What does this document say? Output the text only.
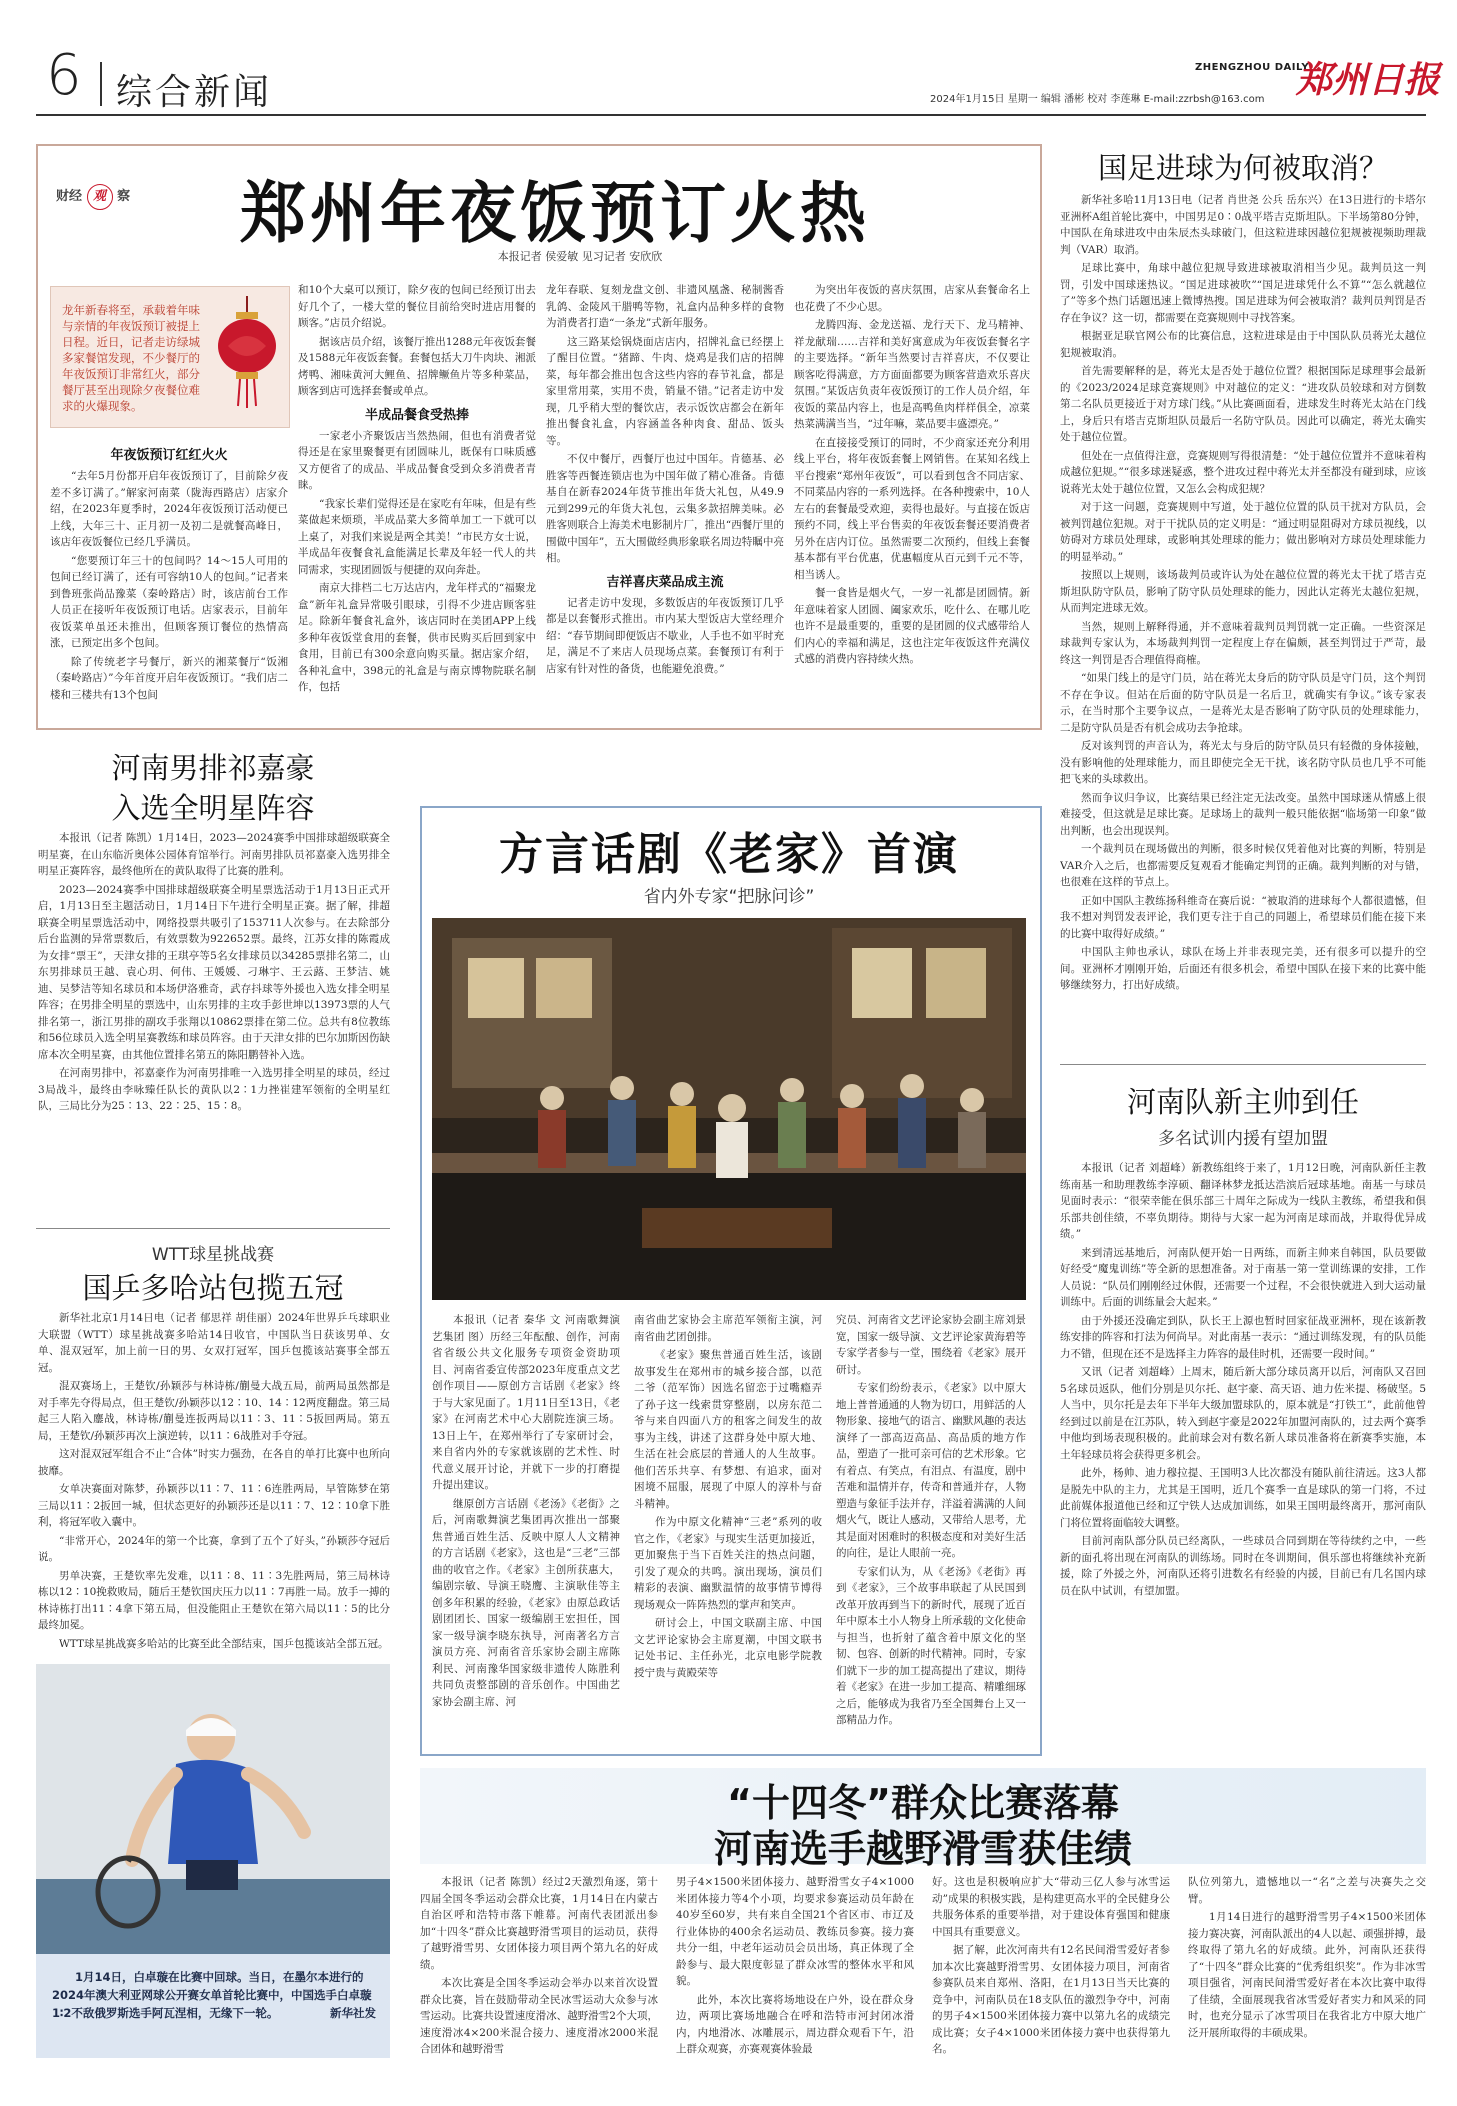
6 综合新闻
ZHENGZHOU DAILY
郑州日报
2024年1月15日 星期一 编辑 潘彬 校对 李莲琳 E-mail:zzrbsh@163.com
财经 观 察 郑州年夜饭预订火热
本报记者 侯爱敏 见习记者 安欣欣
龙年新春将至，承载着年味与亲情的年夜饭预订被提上日程。近日，记者走访绿城多家餐馆发现，不少餐厅的年夜饭预订非常红火，部分餐厅甚至出现除夕夜餐位难求的火爆现象。
年夜饭预订红红火火

“去年5月份都开启年夜饭预订了，目前除夕夜差不多订满了。”解家河南菜（陇海西路店）店家介绍，在2023年夏季时，2024年夜饭预订活动便已上线，大年三十、正月初一及初二是就餐高峰日，该店年夜饭餐位已经几乎满员。

“您要预订年三十的包间吗？14～15人可用的包间已经订满了，还有可容纳10人的包间。”记者来到鲁班张尚品豫菜（秦岭路店）时，该店前台工作人员正在接听年夜饭预订电话。店家表示，目前年夜饭菜单虽还未推出，但顾客预订餐位的热情高涨，已预定出多个包间。

除了传统老字号餐厅，新兴的湘菜餐厅“饭湘（秦岭路店）”今年首度开启年夜饭预订。“我们店二楼和三楼共有13个包间

和10个大桌可以预订，除夕夜的包间已经预订出去好几个了，一楼大堂的餐位目前给突时进店用餐的顾客。”店员介绍说。

据该店员介绍，该餐厅推出1288元年夜饭套餐及1588元年夜饭套餐。套餐包括大刀牛肉块、湘派烤鸭、湘味黄河大鲤鱼、招牌鳜鱼片等多种菜品，顾客到店可选择套餐或单点。

半成品餐食受热捧

一家老小齐聚饭店当然热闹，但也有消费者觉得还是在家里聚餐更有团圆味儿，既保有口味质感又方便省了的成品、半成品餐食受到众多消费者青睐。

“我家长辈们觉得还是在家吃有年味，但是有些菜做起来烦琐，半成品菜大多简单加工一下就可以上桌了，对我们来说是两全其美！”市民方女士说，半成品年夜餐食礼盒能满足长辈及年轻一代人的共同需求，实现团圆饭与便捷的双向奔赴。

南京大排档二七万达店内，龙年样式的“福聚龙盒”新年礼盒异常吸引眼球，引得不少进店顾客驻足。除新年餐食礼盒外，该店同时在美团APP上线多种年夜饭堂食用的套餐，供市民购买后回到家中食用，目前已有300余意向购买量。据店家介绍，各种礼盒中，398元的礼盒是与南京博物院联名制作，包括

龙年春联、复刻龙盘文创、非遗风凰盏、秘制酱香乳鸽、金陵风干腊鸭等物，礼盒内品种多样的食物为消费者打造“一条龙”式新年服务。

这三路某烩锅烧面店店内，招牌礼盒已经摆上了醒目位置。“猪蹄、牛肉、烧鸡是我们店的招牌菜，每年都会推出包含这些内容的春节礼盒，都是家里常用菜，实用不贵，销量不错。”记者走访中发现，几乎稍大型的餐饮店，表示饭饮店都会在新年推出餐食礼盒，内容涵盖各种肉食、甜品、饭头等。

不仅中餐厅，西餐厅也过中国年。肯德基、必胜客等西餐连锁店也为中国年做了精心准备。肯德基自在新春2024年货节推出年货大礼包，从49.9元到299元的年货大礼包，云集多款招牌美味。必胜客则联合上海美术电影制片厂，推出“西餐厅里的围做中国年”，五大围做经典形象联名周边特瞩中亮相。

吉祥喜庆菜品成主流

记者走访中发现，多数饭店的年夜饭预订几乎都是以套餐形式推出。市内某大型饭店大堂经理介绍：“春节期间即便饭店不歇业，人手也不如平时充足，满足不了来店人员现场点菜。套餐预订有利于店家有针对性的备货，也能避免浪费。”

为突出年夜饭的喜庆氛围，店家从套餐命名上也花费了不少心思。

龙腾四海、金龙送福、龙行天下、龙马精神、祥龙献瑞……吉祥和美好寓意成为年夜饭套餐名字的主要选择。“新年当然要讨吉祥喜庆，不仅要让顾客吃得满意，方方面面都要为顾客营造欢乐喜庆氛围。”某饭店负责年夜饭预订的工作人员介绍，年夜饭的菜品内容上，也是高鸭鱼肉样样俱全，凉菜热菜满满当当，“过年嘛，菜品要丰盛漂亮。”

在直接接受预订的同时，不少商家还充分利用线上平台，将年夜饭套餐上网销售。在某知名线上平台搜索“郑州年夜饭”，可以看到包含不同店家、不同菜品内容的一系列选择。在各种搜索中，10人左右的套餐最受欢迎，卖得也最好。与直接在饭店预约不同，线上平台售卖的年夜饭套餐还要消费者另外在店内订位。虽然需要二次预约，但线上套餐基本都有平台优惠，优惠幅度从百元到千元不等，相当诱人。

餐一食皆是烟火气，一岁一礼都是团圆情。新年意味着家人团圆、阖家欢乐，吃什么、在哪儿吃也许不是最重要的，重要的是团圆的仪式感带给人们内心的幸福和满足，这也注定年夜饭这件充满仪式感的消费内容持续火热。

国足进球为何被取消？

新华社多哈11月13日电（记者 肖世尧 公兵 岳东兴）在13日进行的卡塔尔亚洲杯A组首轮比赛中，中国男足0∶0战平塔吉克斯坦队。下半场第80分钟，中国队在角球进攻中由朱辰杰头球破门，但这粒进球因越位犯规被视频助理裁判（VAR）取消。

足球比赛中，角球中越位犯规导致进球被取消相当少见。裁判员这一判罚，引发中国球迷热议。“国足进球被吹”“国足进球凭什么不算”“怎么就越位了”等多个热门话题迅速上微博热搜。国足进球为何会被取消？裁判员判罚是否存在争议？这一切，都需要在竞赛规则中寻找答案。

根据亚足联官网公布的比赛信息，这粒进球是由于中国队队员蒋光太越位犯规被取消。

首先需要解释的是，蒋光太是否处于越位位置？根据国际足球理事会最新的《2023/2024足球竞赛规则》中对越位的定义：“进攻队员较球和对方倒数第二名队员更接近于对方球门线。”从比赛画面看，进球发生时蒋光太站在门线上，身后只有塔吉克斯坦队员最后一名防守队员。因此可以确定，蒋光太确实处于越位位置。

但处在一点值得注意，竞赛规则写得很清楚：“处于越位位置并不意味着构成越位犯规。”“很多球迷疑惑，整个进攻过程中蒋光太并至都没有碰到球，应该说蒋光太处于越位位置，又怎么会构成犯规？

对于这一问题，竞赛规则中写道，处于越位位置的队员干扰对方队员，会被判罚越位犯规。对于干扰队员的定义明是：“通过明显阻碍对方球员视线，以妨碍对方球员处理球，或影响其处理球的能力；做出影响对方球员处理球能力的明显举动。”

按照以上规则，该场裁判员或许认为处在越位位置的蒋光太干扰了塔吉克斯坦队防守队员，影响了防守队员处理球的能力，因此认定蒋光太越位犯规，从而判定进球无效。

当然，规则上解释得通，并不意味着裁判员判罚就一定正确。一些资深足球裁判专家认为，本场裁判判罚一定程度上存在偏颇，甚至判罚过于严苛，最终这一判罚是否合理值得商榷。

“如果门线上的是守门员，站在蒋光太身后的防守队员是守门员，这个判罚不存在争议。但站在后面的防守队员是一名后卫，就确实有争议。”该专家表示，在当时那个主要争议点，一是蒋光太是否影响了防守队员的处理球能力，二是防守队员是否有机会成功去争抢球。

反对该判罚的声音认为，蒋光太与身后的防守队员只有轻微的身体接触，没有影响他的处理球能力，而且即使完全无干扰，该名防守队员也几乎不可能把飞来的头球救出。

然而争议归争议，比赛结果已经注定无法改变。虽然中国球迷从情感上很难接受，但这就是足球比赛。足球场上的裁判一般只能依据“临场第一印象”做出判断，也会出现误判。

一个裁判员在现场做出的判断，很多时候仅凭着他对比赛的判断，特别是VAR介入之后，也都需要反复观看才能确定判罚的正确。裁判判断的对与错，也很难在这样的节点上。

正如中国队主教练扬科维奇在赛后说：“被取消的进球每个人都很遗憾，但我不想对判罚发表评论，我们更专注于自己的同题上，希望球员们能在接下来的比赛中取得好成绩。”

中国队主帅也承认，球队在场上并非表现完美，还有很多可以提升的空间。亚洲杯才刚刚开始，后面还有很多机会，希望中国队在接下来的比赛中能够继续努力，打出好成绩。

河南队新主帅到任
多名试训内援有望加盟

本报讯（记者 刘超峰）新教练组终于来了，1月12日晚，河南队新任主教练南基一和助理教练李淳硕、翻译林梦龙抵达浩滨后冠球基地。南基一与球员见面时表示：“很荣幸能在俱乐部三十周年之际成为一线队主教练，希望我和俱乐部共创佳绩，不辜负期待。期待与大家一起为河南足球而战，并取得优异成绩。”

来到清远基地后，河南队便开始一日两练，而新主帅来自韩国，队员要做好经受“魔鬼训练”等全新的思想准备。对于南基一第一堂训练课的安排，工作人员说：“队员们刚刚经过休假，还需要一个过程，不会很快就进入到大运动量训练中。后面的训练量会大起来。”

由于外援还没确定到队，队长王上源也暂时回家征战亚洲杯，现在该新教练安排的阵容和打法为何尚早。对此南基一表示：“通过训练发现，有的队员能力不错，但现在还不是选择主力阵容的最佳时机，还需要一段时间。”

又讯（记者 刘超峰）上周末，随后新大部分球员离开以后，河南队又召回5名球员返队，他们分别是贝尔托、赵宇豪、高天语、迪力佐米提、杨破坚。5人当中，贝尔托是去年下半年大级加盟球队的，原本就是“打铁工”，此前他曾经到过以前是在江苏队，转入到赵宇豪是2022年加盟河南队的，过去两个赛季中他均到场表现积极的。此前球会对有数名新人球员准备将在新赛季实施，本土年轻球员将会获得更多机会。

此外，杨帅、迪力穆拉提、王国明3人比次都没有随队前往清远。这3人都是脱先中队的主力，尤其是王国明，近几个赛季一直是球队的第一门将，不过此前媒体报道他已经和辽宁铁人达成加训练，如果王国明最终离开，那河南队门将位置将面临较大调整。

目前河南队部分队员已经离队，一些球员合同到期在等待续约之中，一些新的面孔将出现在河南队的训练场。同时在冬训期间，俱乐部也将继续补充新援，除了外援之外，河南队还将引进数名有经验的内援，目前已有几名国内球员在队中试训，有望加盟。

河南男排祁嘉豪
入选全明星阵容

本报讯（记者 陈凯）1月14日，2023—2024赛季中国排球超级联赛全明星赛，在山东临沂奥体公园体育馆举行。河南男排队员祁嘉豪入选男排全明星正赛阵容，最终他所在的黄队取得了比赛的胜利。

2023—2024赛季中国排球超级联赛全明星票选活动于1月13日正式开启，1月13日至主题活动日，1月14日下午进行全明星正赛。据了解，排超联赛全明星票选活动中，网络投票共吸引了153711人次参与。在去除部分后台监测的异常票数后，有效票数为922652票。最终，江苏女排的陈霞成为女排“票王”，天津女排的王琪亭等5名女排球员以34285票排名第二，山东男排球员王越、袁心玥、何伟、王媛媛、刁琳宇、王云蕗、王梦洁、姚迪、吴梦洁等知名球员和本场伊洛雅奇，武存抖球等外援也入选女排全明星阵容；在男排全明星的票选中，山东男排的主攻手彭世坤以13973票的人气排名第一，浙江男排的副攻手张翔以10862票排在第二位。总共有8位教练和56位球员入选全明星赛教练和球员阵容。由于天津女排的巴尔加斯因伤缺席本次全明星赛，由其他位置排名第五的陈阳鹏替补入选。

在河南男排中，祁嘉豪作为河南男排唯一入选男排全明星的球员，经过3局战斗，最终由李咏臻任队长的黄队以2∶1力挫崔建军领衔的全明星红队，三局比分为25∶13、22∶25、15∶8。

WTT球星挑战赛
国乒多哈站包揽五冠

新华社北京1月14日电（记者 郁思祥 胡佳丽）2024年世界乒乓球职业大联盟（WTT）球星挑战赛多哈站14日收官，中国队当日获该男单、女单、混双冠军，加上前一日的男、女双打冠军，国乒包揽该站赛事全部五冠。

混双赛场上，王楚钦/孙颖莎与林诗栋/蒯曼大战五局，前两局虽然都是对手率先夺得局点，但王楚钦/孙颖莎以12∶10、14∶12两度翻盘。第三局起三人陷入鏖战，林诗栋/蒯曼连扳两局以11∶3、11∶5扳回两局。第五局，王楚钦/孙颖莎再次上演逆转，以11∶6战胜对手夺冠。

这对混双冠军组合不止“合体”时实力强劲，在各自的单打比赛中也所向披靡。

女单决赛面对陈梦，孙颖莎以11∶7、11∶6连胜两局，早管陈梦在第三局以11∶2扳回一城，但状态更好的孙颖莎还是以11∶7、12∶10拿下胜利，将冠军收入囊中。

“非常开心，2024年的第一个比赛，拿到了五个了好头，”孙颖莎夺冠后说。

男单决赛，王楚钦率先发难，以11∶8、11∶3先胜两局，第三局林诗栋以12∶10挽救败局，随后王楚钦国庆压力以11∶7再胜一局。放手一搏的林诗栋打出11∶4拿下第五局，但没能阻止王楚钦在第六局以11∶5的比分最终加冕。

WTT球星挑战赛多哈站的比赛至此全部结束，国乒包揽该站全部五冠。

1月14日，白卓璇在比赛中回球。当日，在墨尔本进行的2024年澳大利亚网球公开赛女单首轮比赛中，中国选手白卓璇1∶2不敌俄罗斯选手阿瓦涅相，无缘下一轮。	新华社发
方言话剧《老家》首演
省内外专家“把脉问诊”

本报讯（记者 秦华 文 河南歌舞演艺集团 图）历经三年酝酿、创作，河南省省级公共文化服务专项资金资助项目、河南省委宣传部2023年度重点文艺创作项目——原创方言话剧《老家》终于与大家见面了。1月11日至13日，《老家》在河南艺术中心大剧院连演三场。13日上午，在郑州举行了专家研讨会，来自省内外的专家就该剧的艺术性、时代意义展开讨论，并就下一步的打磨提升提出建议。

继原创方言话剧《老汤》《老街》之后，河南歌舞演艺集团再次推出一部聚焦普通百姓生活、反映中原人人文精神的方言话剧《老家》，这也是“三老”三部曲的收官之作。《老家》主创所获惠大，编剧宗敏、导演王晓鹰、主演耿佳等主创多年积累的经验，《老家》由原总政话剧团团长、国家一级编剧王宏担任，国家一级导演李晓东执导，河南著名方言演员方亮、河南省音乐家协会副主席陈利民、河南豫华国家级非遗传人陈胜利共同负责整部剧的音乐创作。中国曲艺家协会副主席、河

南省曲艺家协会主席范军领衔主演，河南省曲艺团创排。

《老家》聚焦普通百姓生活，该剧故事发生在郑州市的城乡接合部，以范二爷（范军饰）因选名留恋于过嘴瘾弄了孙子这一线索贯穿整剧，以房东范二爷与来自四面八方的租客之间发生的故事为主线，讲述了这群身处中原大地、生活在社会底层的普通人的人生故事。他们苦乐共享、有梦想、有追求，面对困境不屈服，展现了中原人的淳朴与奋斗精神。

作为中原文化精神“三老”系列的收官之作，《老家》与现实生活更加接近，更加聚焦于当下百姓关注的热点问题，引发了观众的共鸣。演出现场，演员们精彩的表演、幽默温情的故事情节博得现场观众一阵阵热烈的掌声和笑声。

研讨会上，中国文联副主席、中国文艺评论家协会主席夏潮，中国文联书记处书记、主任孙光，北京电影学院教授宁贵与黄殿荣等

究员、河南省文艺评论家协会副主席刘景宽，国家一级导演、文艺评论家黄海碧等专家学者参与一堂，围绕着《老家》展开研讨。

专家们纷纷表示，《老家》以中原大地上普普通通的人物为切口，用鲜活的人物形象、接地气的语言、幽默风趣的表达演绎了一部高迈高品、高品质的地方作品，塑造了一批可亲可信的艺术形象。它有着点、有笑点，有泪点、有温度，剧中苦难和温情并存，传奇和普通并存，人物塑造与象征手法并存，洋溢着满满的人间烟火气，既让人感动，又带给人思考，尤其是面对困难时的积极态度和对美好生活的向往，是让人眼前一亮。

专家们认为，从《老汤》《老街》再到《老家》，三个故事串联起了从民国到改革开放再到当下的新时代，展现了近百年中原本土小人物身上所承载的文化使命与担当，也折射了蕴含着中原文化的坚韧、包容、创新的时代精神。同时，专家们就下一步的加工提高提出了建议，期待着《老家》在进一步加工提高、精雕细琢之后，能够成为我省乃至全国舞台上又一部精品力作。

“十四冬”群众比赛落幕
河南选手越野滑雪获佳绩

本报讯（记者 陈凯）经过2天激烈角逐，第十四届全国冬季运动会群众比赛，1月14日在内蒙古自治区呼和浩特市落下帷幕。河南代表团派出参加“十四冬”群众比赛越野滑雪项目的运动员，获得了越野滑雪男、女团体接力项目两个第九名的好成绩。

本次比赛是全国冬季运动会举办以来首次设置群众比赛，旨在鼓励带动全民冰雪运动大众参与冰雪运动。比赛共设置速度滑冰、越野滑雪2个大项，速度滑冰4×200米混合接力、速度滑冰2000米混合团体和越野滑雪

男子4×1500米团体接力、越野滑雪女子4×1000米团体接力等4个小项，均要求参赛运动员年龄在40岁至60岁，共有来自全国21个省区市、市辽及行业体协的400余名运动员、教练员参赛。接力赛共分一组，中老年运动员会员出场，真正体现了全龄参与、最大限度彰显了群众冰雪的整体水平和风貌。

此外，本次比赛将场地设在户外，设在群众身边，两项比赛场地融合在呼和浩特市河封闭冰滑内，内地滑冰、冰雕展示，周边群众观看下午，沿上群众观赛，亦赛观赛体验最

好。这也是积极响应扩大“带动三亿人参与冰雪运动”成果的积极实践，是构建更高水平的全民健身公共服务体系的重要举措，对于建设体育强国和健康中国具有重要意义。

据了解，此次河南共有12名民间滑雪爱好者参加本次比赛越野滑雪男、女团体接力项目，河南省参赛队员来自郑州、洛阳，在1月13日当天比赛的竞争中，河南队员在18支队伍的激烈争夺中，河南的男子4×1500米团体接力赛中以第九名的成绩完成比赛；女子4×1000米团体接力赛中也获得第九名。

队位列第九，遗憾地以一“名”之差与决赛失之交臂。

1月14日进行的越野滑雪男子4×1500米团体接力赛决赛，河南队派出的4人以起、顽强拼搏，最终取得了第九名的好成绩。此外，河南队还获得了“十四冬”群众比赛的“优秀组织奖”。作为非冰雪项目强省，河南民间滑雪爱好者在本次比赛中取得了佳绩，全面展现我省冰雪爱好者实力和风采的同时，也充分显示了冰雪项目在我省北方中原大地广泛开展所取得的丰硕成果。
